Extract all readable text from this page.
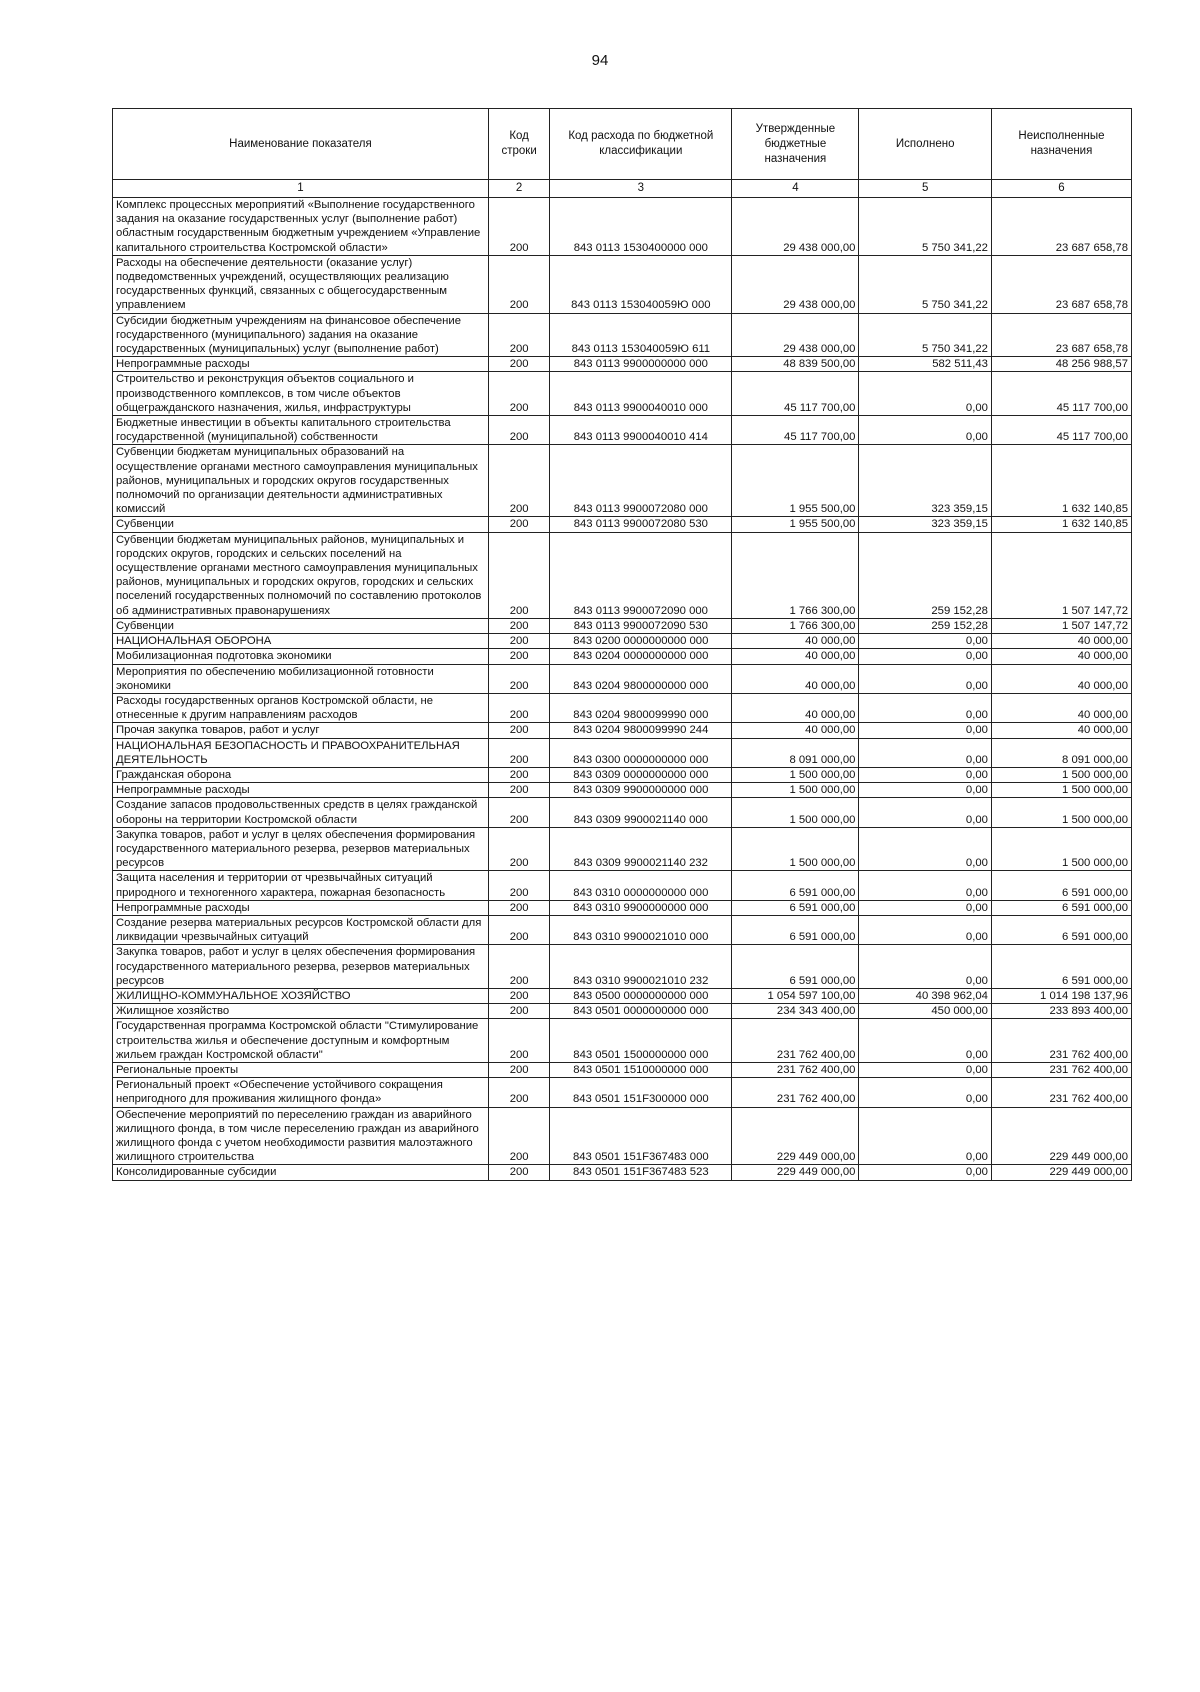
94
Наименование показателя	Код строки	Код расхода по бюджетной классификации	Утвержденные бюджетные назначения	Исполнено	Неисполненные назначения
1	2	3	4	5	6
Комплекс процессных мероприятий «Выполнение государственного задания на оказание государственных услуг (выполнение работ) областным государственным бюджетным учреждением «Управление капитального строительства Костромской области»	200	843 0113 1530400000 000	29 438 000,00	5 750 341,22	23 687 658,78
Расходы на обеспечение деятельности (оказание услуг) подведомственных учреждений, осуществляющих реализацию государственных функций, связанных с общегосударственным управлением	200	843 0113 153040059Ю 000	29 438 000,00	5 750 341,22	23 687 658,78
Субсидии бюджетным учреждениям на финансовое обеспечение государственного (муниципального) задания на оказание государственных (муниципальных) услуг (выполнение работ)	200	843 0113 153040059Ю 611	29 438 000,00	5 750 341,22	23 687 658,78
Непрограммные расходы	200	843 0113 9900000000 000	48 839 500,00	582 511,43	48 256 988,57
Строительство и реконструкция объектов социального и производственного комплексов, в том числе объектов общегражданского назначения, жилья, инфраструктуры	200	843 0113 9900040010 000	45 117 700,00	0,00	45 117 700,00
Бюджетные инвестиции в объекты капитального строительства государственной (муниципальной) собственности	200	843 0113 9900040010 414	45 117 700,00	0,00	45 117 700,00
Субвенции бюджетам муниципальных образований на осуществление органами местного самоуправления муниципальных районов, муниципальных и городских округов государственных полномочий по организации деятельности административных комиссий	200	843 0113 9900072080 000	1 955 500,00	323 359,15	1 632 140,85
Субвенции	200	843 0113 9900072080 530	1 955 500,00	323 359,15	1 632 140,85
Субвенции бюджетам муниципальных районов, муниципальных и городских округов, городских и сельских поселений на осуществление органами местного самоуправления муниципальных районов, муниципальных и городских округов, городских и сельских поселений государственных полномочий по составлению протоколов об административных правонарушениях	200	843 0113 9900072090 000	1 766 300,00	259 152,28	1 507 147,72
Субвенции	200	843 0113 9900072090 530	1 766 300,00	259 152,28	1 507 147,72
НАЦИОНАЛЬНАЯ ОБОРОНА	200	843 0200 0000000000 000	40 000,00	0,00	40 000,00
Мобилизационная подготовка экономики	200	843 0204 0000000000 000	40 000,00	0,00	40 000,00
Мероприятия по обеспечению мобилизационной готовности экономики	200	843 0204 9800000000 000	40 000,00	0,00	40 000,00
Расходы государственных органов Костромской области, не отнесенные к другим направлениям расходов	200	843 0204 9800099990 000	40 000,00	0,00	40 000,00
Прочая закупка товаров, работ и услуг	200	843 0204 9800099990 244	40 000,00	0,00	40 000,00
НАЦИОНАЛЬНАЯ БЕЗОПАСНОСТЬ И ПРАВООХРАНИТЕЛЬНАЯ ДЕЯТЕЛЬНОСТЬ	200	843 0300 0000000000 000	8 091 000,00	0,00	8 091 000,00
Гражданская оборона	200	843 0309 0000000000 000	1 500 000,00	0,00	1 500 000,00
Непрограммные расходы	200	843 0309 9900000000 000	1 500 000,00	0,00	1 500 000,00
Создание запасов продовольственных средств в целях гражданской обороны на территории Костромской области	200	843 0309 9900021140 000	1 500 000,00	0,00	1 500 000,00
Закупка товаров, работ и услуг в целях обеспечения формирования государственного материального резерва, резервов материальных ресурсов	200	843 0309 9900021140 232	1 500 000,00	0,00	1 500 000,00
Защита населения и территории от чрезвычайных ситуаций природного и техногенного характера, пожарная безопасность	200	843 0310 0000000000 000	6 591 000,00	0,00	6 591 000,00
Непрограммные расходы	200	843 0310 9900000000 000	6 591 000,00	0,00	6 591 000,00
Создание резерва материальных ресурсов Костромской области для ликвидации чрезвычайных ситуаций	200	843 0310 9900021010 000	6 591 000,00	0,00	6 591 000,00
Закупка товаров, работ и услуг в целях обеспечения формирования государственного материального резерва, резервов материальных ресурсов	200	843 0310 9900021010 232	6 591 000,00	0,00	6 591 000,00
ЖИЛИЩНО-КОММУНАЛЬНОЕ ХОЗЯЙСТВО	200	843 0500 0000000000 000	1 054 597 100,00	40 398 962,04	1 014 198 137,96
Жилищное хозяйство	200	843 0501 0000000000 000	234 343 400,00	450 000,00	233 893 400,00
Государственная программа Костромской области "Стимулирование строительства жилья и обеспечение доступным и комфортным жильем граждан Костромской области"	200	843 0501 1500000000 000	231 762 400,00	0,00	231 762 400,00
Региональные проекты	200	843 0501 1510000000 000	231 762 400,00	0,00	231 762 400,00
Региональный проект «Обеспечение устойчивого сокращения непригодного для проживания жилищного фонда»	200	843 0501 151F300000 000	231 762 400,00	0,00	231 762 400,00
Обеспечение мероприятий по переселению граждан из аварийного жилищного фонда, в том числе переселению граждан из аварийного жилищного фонда с учетом необходимости развития малоэтажного жилищного строительства	200	843 0501 151F367483 000	229 449 000,00	0,00	229 449 000,00
Консолидированные субсидии	200	843 0501 151F367483 523	229 449 000,00	0,00	229 449 000,00
